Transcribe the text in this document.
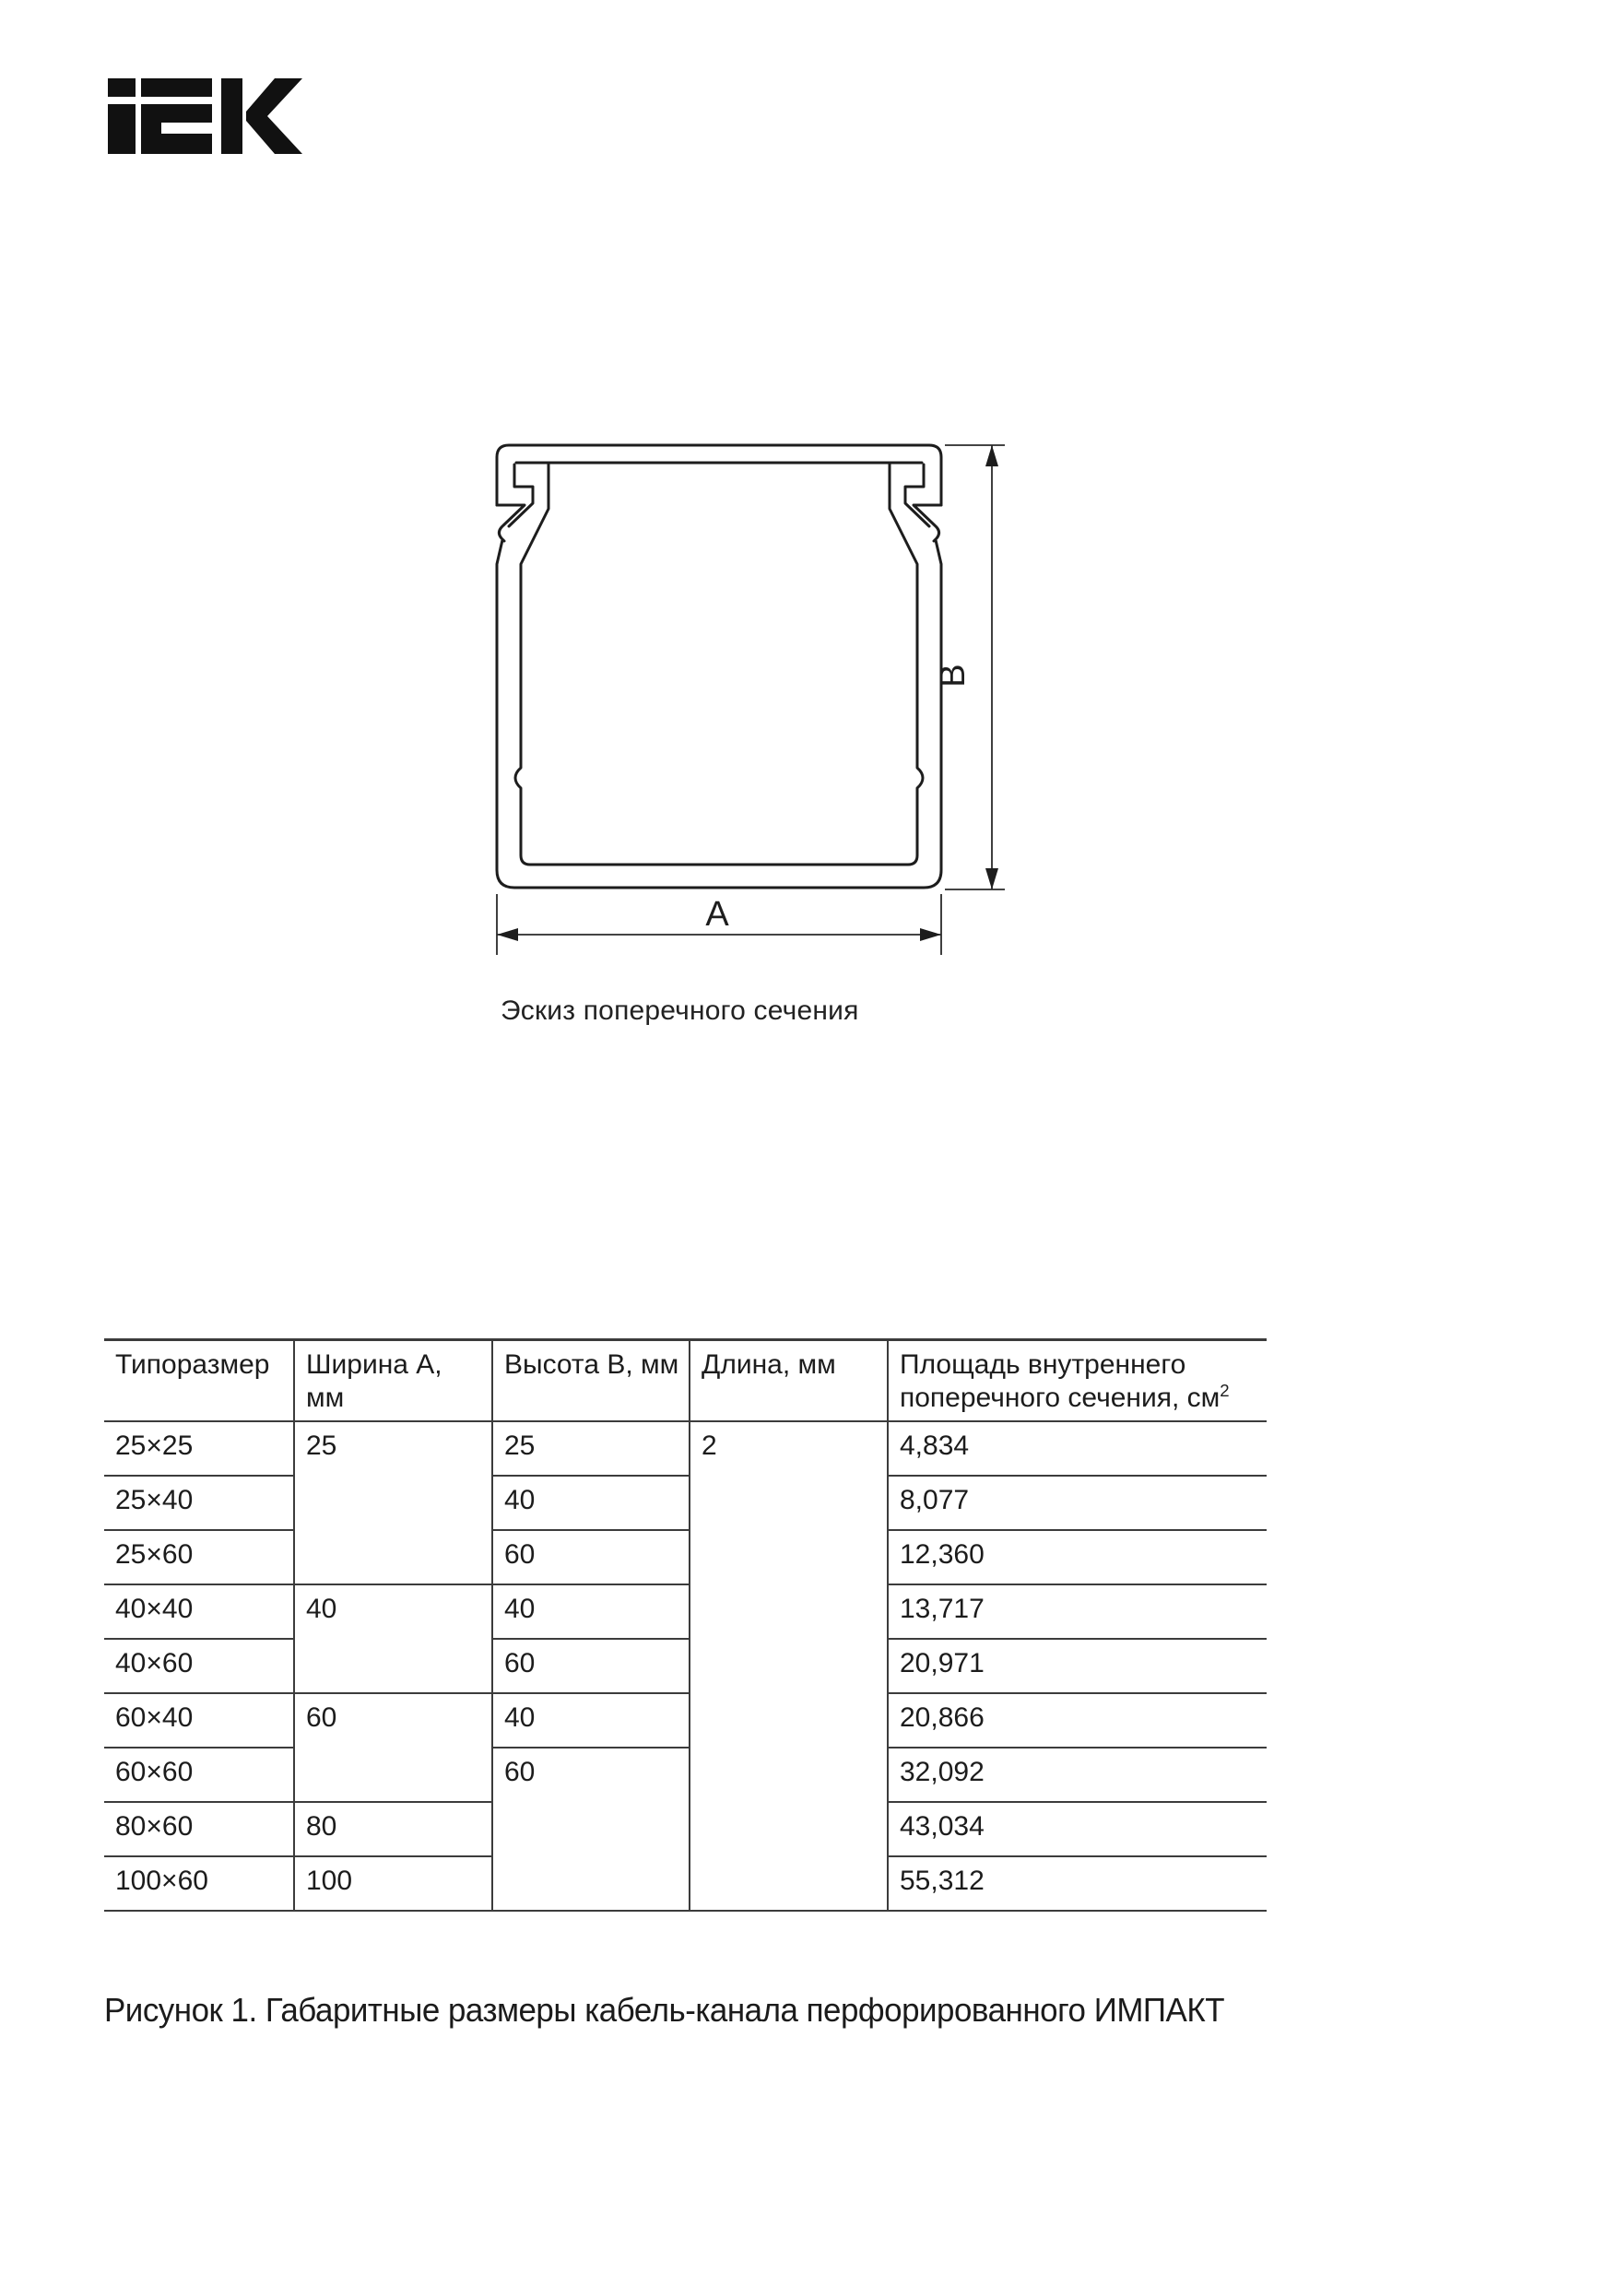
B
A
Эскиз поперечного сечения
Типоразмер	Ширина А, мм	Высота В, мм	Длина, мм	Площадь внутреннего
поперечного сечения, $см^2$
25×25	25	25	2	4,834
25×40		40		8,077
25×60		60		12,360
40×40	40	40		13,717
40×60		60		20,971
60×40	60	40		20,866
60×60		60		32,092
80×60	80			43,034
100×60	100			55,312
Рисунок 1. Габаритные размеры кабель-канала перфорированного ИМПАКТ
